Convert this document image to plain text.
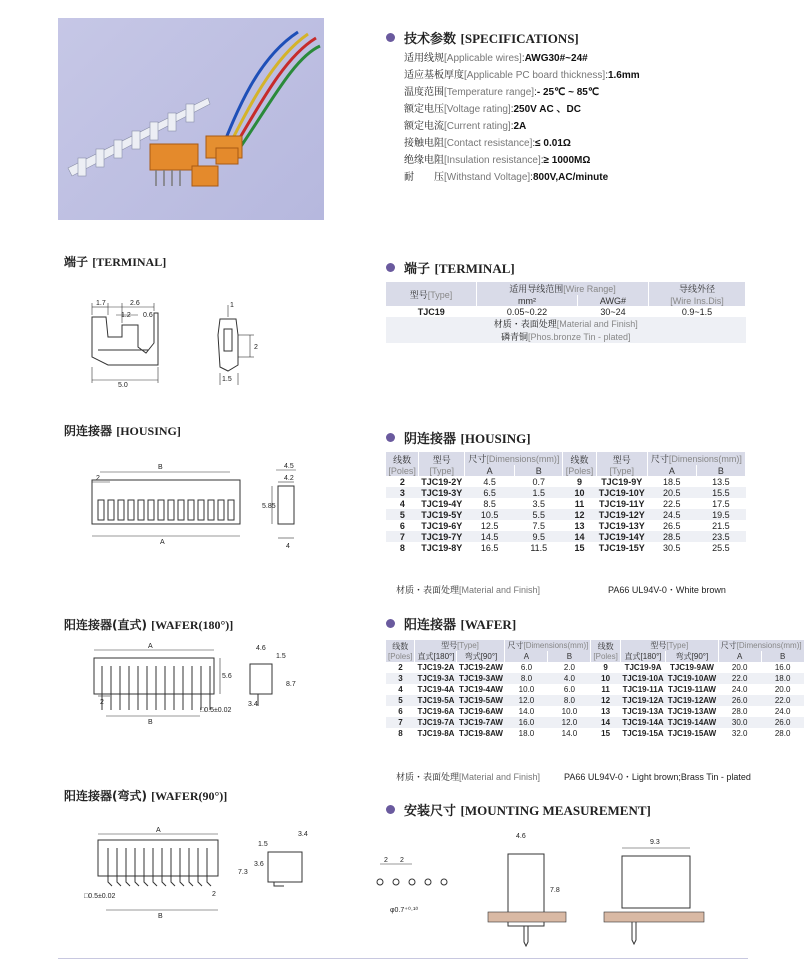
技术参数 [SPECIFICATIONS]
适用线规[Applicable wires]:AWG30#~24#
适应基板厚度[Applicable PC board thickness]:1.6mm
温度范围[Temperature range]:- 25℃ ~ 85℃
额定电压[Voltage rating]:250V AC 、DC
额定电流[Current rating]:2A
接触电阻[Contact resistance]:≤ 0.01Ω
绝缘电阻[Insulation resistance]:≥ 1000MΩ
耐　　压[Withstand Voltage]:800V,AC/minute
端子 [TERMINAL]
1.7	2.6
1.2 0.6
5.0
1
2
1.5
阴连接器 [HOUSING]
B
2
A
4.5
4.2
5.85
4
阳连接器(直式) [WAFER(180°)]
A
2
B
5.6
□0.5±0.02
4.6
1.5
8.7
3.4
阳连接器(弯式) [WAFER(90°)]
A
B
2
□0.5±0.02
1.5
3.4
3.6
7.3
端子 [TERMINAL]
型号[Type]	适用导线范围[Wire Range]		导线外径
	mm²	AWG#	[Wire Ins.Dis]
TJC19	0.05~0.22	30~24	0.9~1.5
材质・表面处理[Material and Finish]			
磷青铜[Phos.bronze Tin - plated]			
阴连接器 [HOUSING]
线数
[Poles]	型号
[Type]	尺寸[Dimensions(mm)]		线数
[Poles]	型号
[Type]	尺寸[Dimensions(mm)]	
		A	B			A	B
2	TJC19-2Y	4.5	0.7	9	TJC19-9Y	18.5	13.5
3	TJC19-3Y	6.5	1.5	10	TJC19-10Y	20.5	15.5
4	TJC19-4Y	8.5	3.5	11	TJC19-11Y	22.5	17.5
5	TJC19-5Y	10.5	5.5	12	TJC19-12Y	24.5	19.5
6	TJC19-6Y	12.5	7.5	13	TJC19-13Y	26.5	21.5
7	TJC19-7Y	14.5	9.5	14	TJC19-14Y	28.5	23.5
8	TJC19-8Y	16.5	11.5	15	TJC19-15Y	30.5	25.5
材质・表面处理[Material and Finish]	PA66 UL94V-0・White brown
阳连接器 [WAFER]
线数
[Poles]	型号[Type]		尺寸[Dimensions(mm)]		线数
[Poles]	型号[Type]		尺寸[Dimensions(mm)]	
	直式[180°]	弯式[90°]	A	B		直式[180°]	弯式[90°]	A	B
2	TJC19-2A	TJC19-2AW	6.0	2.0	9	TJC19-9A	TJC19-9AW	20.0	16.0
3	TJC19-3A	TJC19-3AW	8.0	4.0	10	TJC19-10A	TJC19-10AW	22.0	18.0
4	TJC19-4A	TJC19-4AW	10.0	6.0	11	TJC19-11A	TJC19-11AW	24.0	20.0
5	TJC19-5A	TJC19-5AW	12.0	8.0	12	TJC19-12A	TJC19-12AW	26.0	22.0
6	TJC19-6A	TJC19-6AW	14.0	10.0	13	TJC19-13A	TJC19-13AW	28.0	24.0
7	TJC19-7A	TJC19-7AW	16.0	12.0	14	TJC19-14A	TJC19-14AW	30.0	26.0
8	TJC19-8A	TJC19-8AW	18.0	14.0	15	TJC19-15A	TJC19-15AW	32.0	28.0
材质・表面处理[Material and Finish]	PA66 UL94V-0・Light brown;Brass Tin - plated
安装尺寸 [MOUNTING MEASUREMENT]
2 2
φ0.7⁺⁰·¹⁰
4.6
7.8
9.3
